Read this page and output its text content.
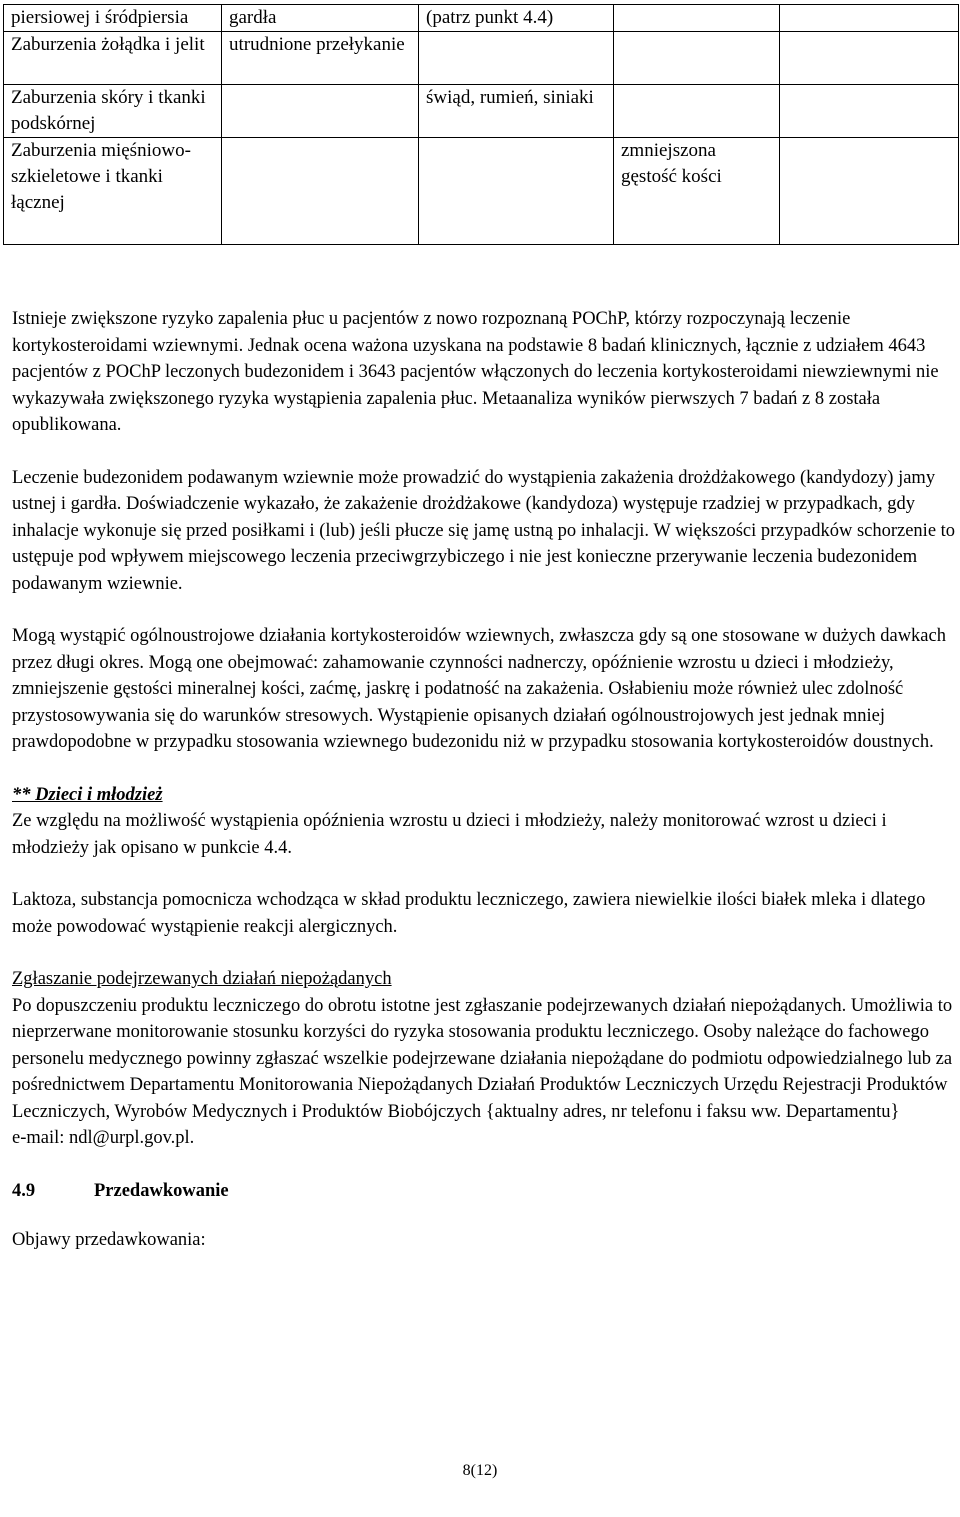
piersiowej i śródpiersia	gardła	(patrz punkt 4.4)		
Zaburzenia żołądka i jelit	utrudnione przełykanie			
Zaburzenia skóry i tkanki podskórnej		świąd, rumień, siniaki		
Zaburzenia mięśniowo-szkieletowe i tkanki łącznej			zmniejszona gęstość kości	

Istnieje zwiększone ryzyko zapalenia płuc u pacjentów z nowo rozpoznaną POChP, którzy rozpoczynają leczenie kortykosteroidami wziewnymi. Jednak ocena ważona uzyskana na podstawie 8 badań klinicznych, łącznie z udziałem 4643 pacjentów z POChP leczonych budezonidem i 3643 pacjentów włączonych do leczenia kortykosteroidami niewziewnymi nie wykazywała zwiększonego ryzyka wystąpienia zapalenia płuc. Metaanaliza wyników pierwszych 7 badań z 8 została opublikowana.

Leczenie budezonidem podawanym wziewnie może prowadzić do wystąpienia zakażenia drożdżakowego (kandydozy) jamy ustnej i gardła. Doświadczenie wykazało, że zakażenie drożdżakowe (kandydoza) występuje rzadziej w przypadkach, gdy inhalacje wykonuje się przed posiłkami i (lub) jeśli płucze się jamę ustną po inhalacji. W większości przypadków schorzenie to ustępuje pod wpływem miejscowego leczenia przeciwgrzybiczego i nie jest konieczne przerywanie leczenia budezonidem podawanym wziewnie.

Mogą wystąpić ogólnoustrojowe działania kortykosteroidów wziewnych, zwłaszcza gdy są one stosowane w dużych dawkach przez długi okres. Mogą one obejmować: zahamowanie czynności nadnerczy, opóźnienie wzrostu u dzieci i młodzieży, zmniejszenie gęstości mineralnej kości, zaćmę, jaskrę i podatność na zakażenia. Osłabieniu może również ulec zdolność przystosowywania się do warunków stresowych. Wystąpienie opisanych działań ogólnoustrojowych jest jednak mniej prawdopodobne w przypadku stosowania wziewnego budezonidu niż w przypadku stosowania kortykosteroidów doustnych.

** Dzieci i młodzież
Ze względu na możliwość wystąpienia opóźnienia wzrostu u dzieci i młodzieży, należy monitorować wzrost u dzieci i młodzieży jak opisano w punkcie 4.4.

Laktoza, substancja pomocnicza wchodząca w skład produktu leczniczego, zawiera niewielkie ilości białek mleka i dlatego może powodować wystąpienie reakcji alergicznych.

Zgłaszanie podejrzewanych działań niepożądanych
Po dopuszczeniu produktu leczniczego do obrotu istotne jest zgłaszanie podejrzewanych działań niepożądanych. Umożliwia to nieprzerwane monitorowanie stosunku korzyści do ryzyka stosowania produktu leczniczego. Osoby należące do fachowego personelu medycznego powinny zgłaszać wszelkie podejrzewane działania niepożądane do podmiotu odpowiedzialnego lub za pośrednictwem Departamentu Monitorowania Niepożądanych Działań Produktów Leczniczych Urzędu Rejestracji Produktów Leczniczych, Wyrobów Medycznych i Produktów Biobójczych {aktualny adres, nr telefonu i faksu ww. Departamentu}
e-mail: ndl@urpl.gov.pl.

4.9	Przedawkowanie

Objawy przedawkowania:

8(12)
